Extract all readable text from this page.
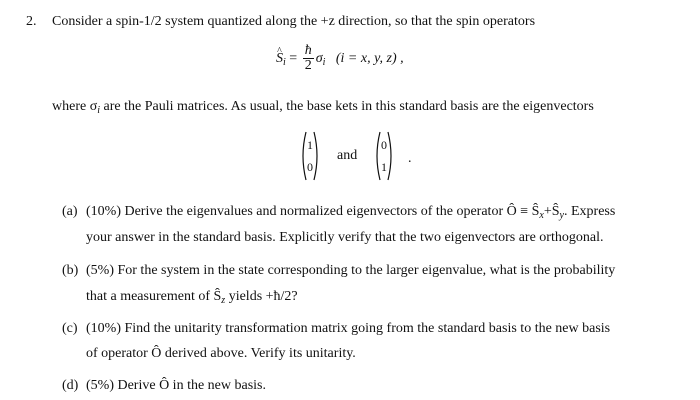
2. Consider a spin-1/2 system quantized along the +z direction, so that the spin operators
^ $S_i = \frac{ħ}{2} \sigma_i$ (i = x, y, z) ,
where $\sigma_i$ are the Pauli matrices. As usual, the base kets in this standard basis are the eigenvectors
1
0
and
0
1
.
(a) (10%) Derive the eigenvalues and normalized eigenvectors of the operator Ô ≡ $Ŝ_x+Ŝ_y$. Express
your answer in the standard basis. Explicitly verify that the two eigenvectors are orthogonal.
(b) (5%) For the system in the state corresponding to the larger eigenvalue, what is the probability
that a measurement of $Ŝ_z$ yields +ħ/2?
(c) (10%) Find the unitarity transformation matrix going from the standard basis to the new basis
of operator Ô derived above. Verify its unitarity.
(d) (5%) Derive Ô in the new basis.
